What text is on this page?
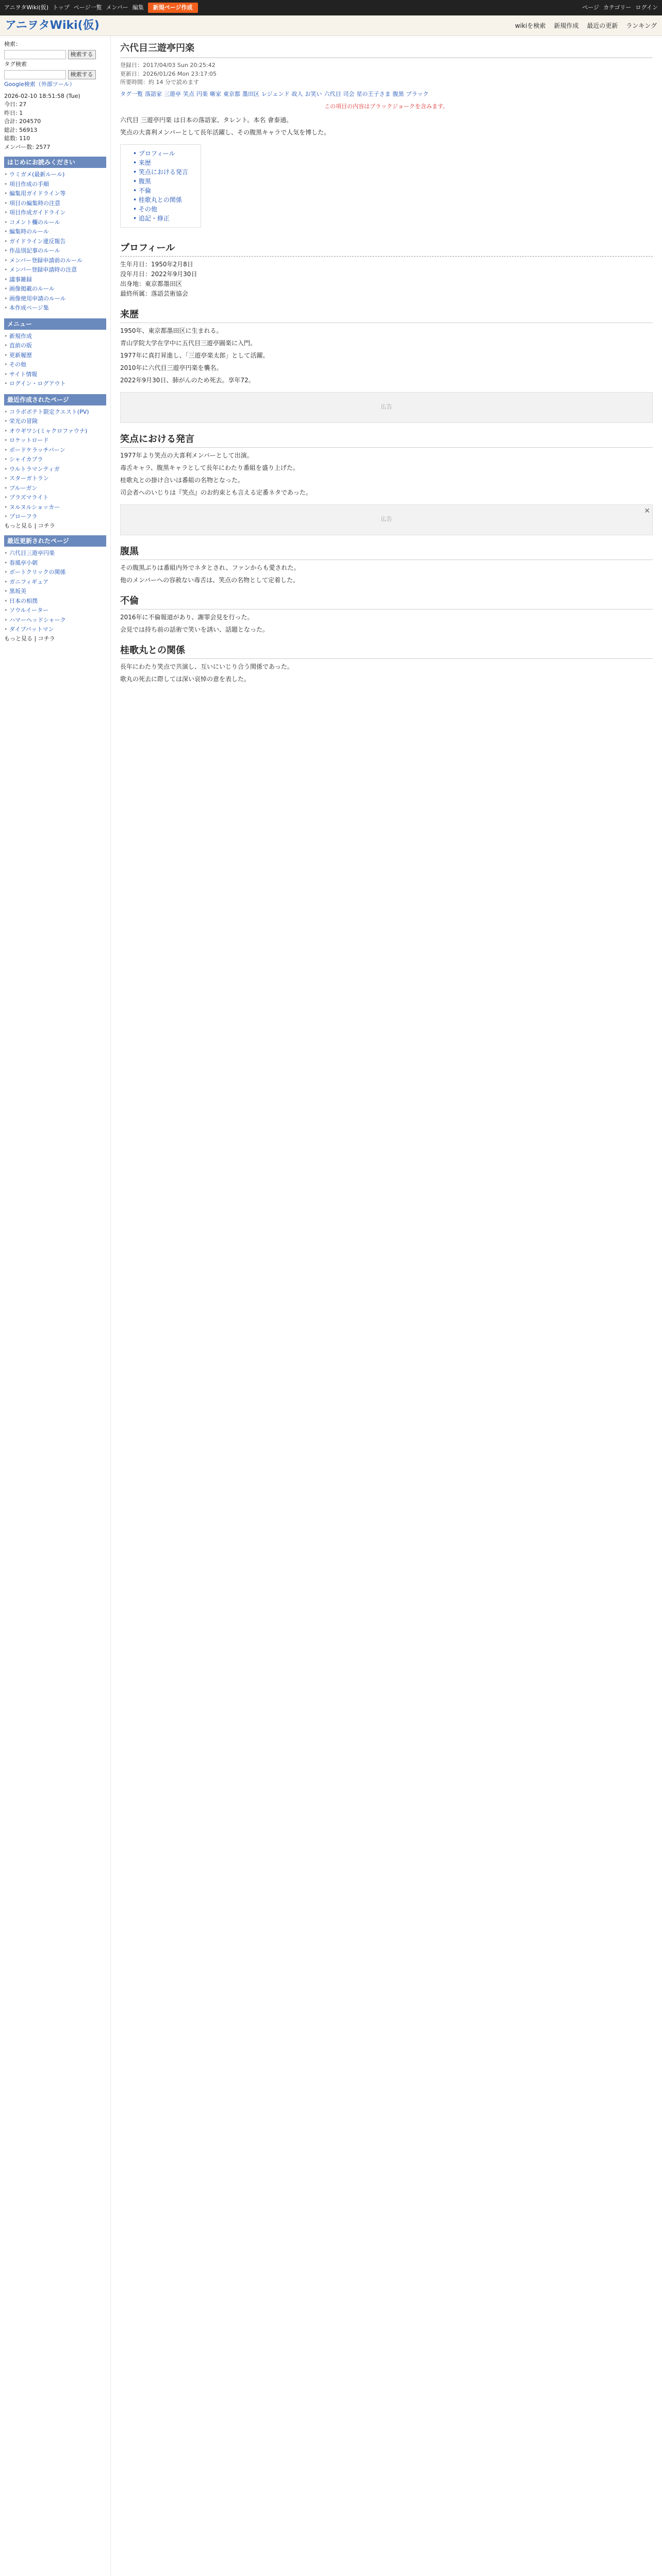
アニヲタWiki(仮) トップ ページ一覧 メンバー 編集	新規ページ作成	ページ カテゴリー ログイン
アニヲタWiki(仮)	wikiを検索 新規作成 最近の更新 ランキング
検索：
検索する
タグ検索
検索する
Google検索（外部ツール）
2026-02-10 18:51:58 (Tue)
今日: 27
昨日: 1
合計: 204570
総計: 56913
総数: 110
メンバー数: 2577
はじめにお読みください
• ウミガメ(最新ルール)
• 項目作成の手順
• 編集用ガイドライン等
• 項目の編集時の注意
• 項目作成ガイドライン
• コメント欄のルール
• 編集時のルール
• ガイドライン違反報告
• 作品別記事のルール
• メンバー登録申請前のルール
• メンバー登録申請時の注意
• 議事雑録
• 画像掲載のルール
• 画像使用申請のルール
• 本作成ページ集
メニュー
• 新規作成
• 直前の版
• 更新履歴
• その他
• サイト情報
• ログイン・ログアウト
最近作成されたページ
• コラボポテト限定クエスト(PV)
• 栄光の冒険
• オウギワシ(ミャクロファウナ)
• ロケットロード
• ボードケラッチバーン
• シャイカブラ
• ウルトラマンティガ
• スターガトラン
• ブルーガン
• プラズマライト
• ヌルヌルショッカー
• ブローフラ
もっと見る | コチラ
最近更新されたページ
• 六代目三遊亭円楽
• 春風亭小朝
• ボートクリックの関係
• ガニフィギュア
• 黒坂美
• 日本の相撲
• ソウルイーター
• ハマーヘッドシャーク
• ダイブバットマン
もっと見る | コチラ
六代目三遊亭円楽
登録日：2017/04/03 Sun 20:25:42
更新日：2026/01/26 Mon 23:17:05
所要時間：約 14 分で読めます
タグ一覧 落語家 三遊亭 笑点 円楽 噺家 東京都 墨田区 レジェンド 故人 お笑い 六代目 司会 星の王子さま 腹黒 ブラック
この項目の内容はブラックジョークを含みます。

六代目 三遊亭円楽 は日本の落語家、タレント。本名 會泰通。

笑点の大喜利メンバーとして長年活躍し、その腹黒キャラで人気を博した。

• プロフィール
• 来歴
• 笑点における発言
• 腹黒
• 不倫
• 桂歌丸との関係
• その他
• 追記・修正
プロフィール

生年月日：1950年2月8日

没年月日：2022年9月30日

出身地：東京都墨田区

最終所属：落語芸術協会

来歴

1950年、東京都墨田区に生まれる。

青山学院大学在学中に五代目三遊亭圓楽に入門。

1977年に真打昇進し、「三遊亭楽太郎」として活躍。

2010年に六代目三遊亭円楽を襲名。

2022年9月30日、肺がんのため死去。享年72。

広告
笑点における発言

1977年より笑点の大喜利メンバーとして出演。

毒舌キャラ、腹黒キャラとして長年にわたり番組を盛り上げた。

桂歌丸との掛け合いは番組の名物となった。

司会者へのいじりは『笑点』のお約束とも言える定番ネタであった。

広告
✕
腹黒

その腹黒ぶりは番組内外でネタとされ、ファンからも愛された。

他のメンバーへの容赦ない毒舌は、笑点の名物として定着した。

不倫

2016年に不倫報道があり、謝罪会見を行った。

会見では持ち前の話術で笑いを誘い、話題となった。

桂歌丸との関係

長年にわたり笑点で共演し、互いにいじり合う関係であった。

歌丸の死去に際しては深い哀悼の意を表した。
